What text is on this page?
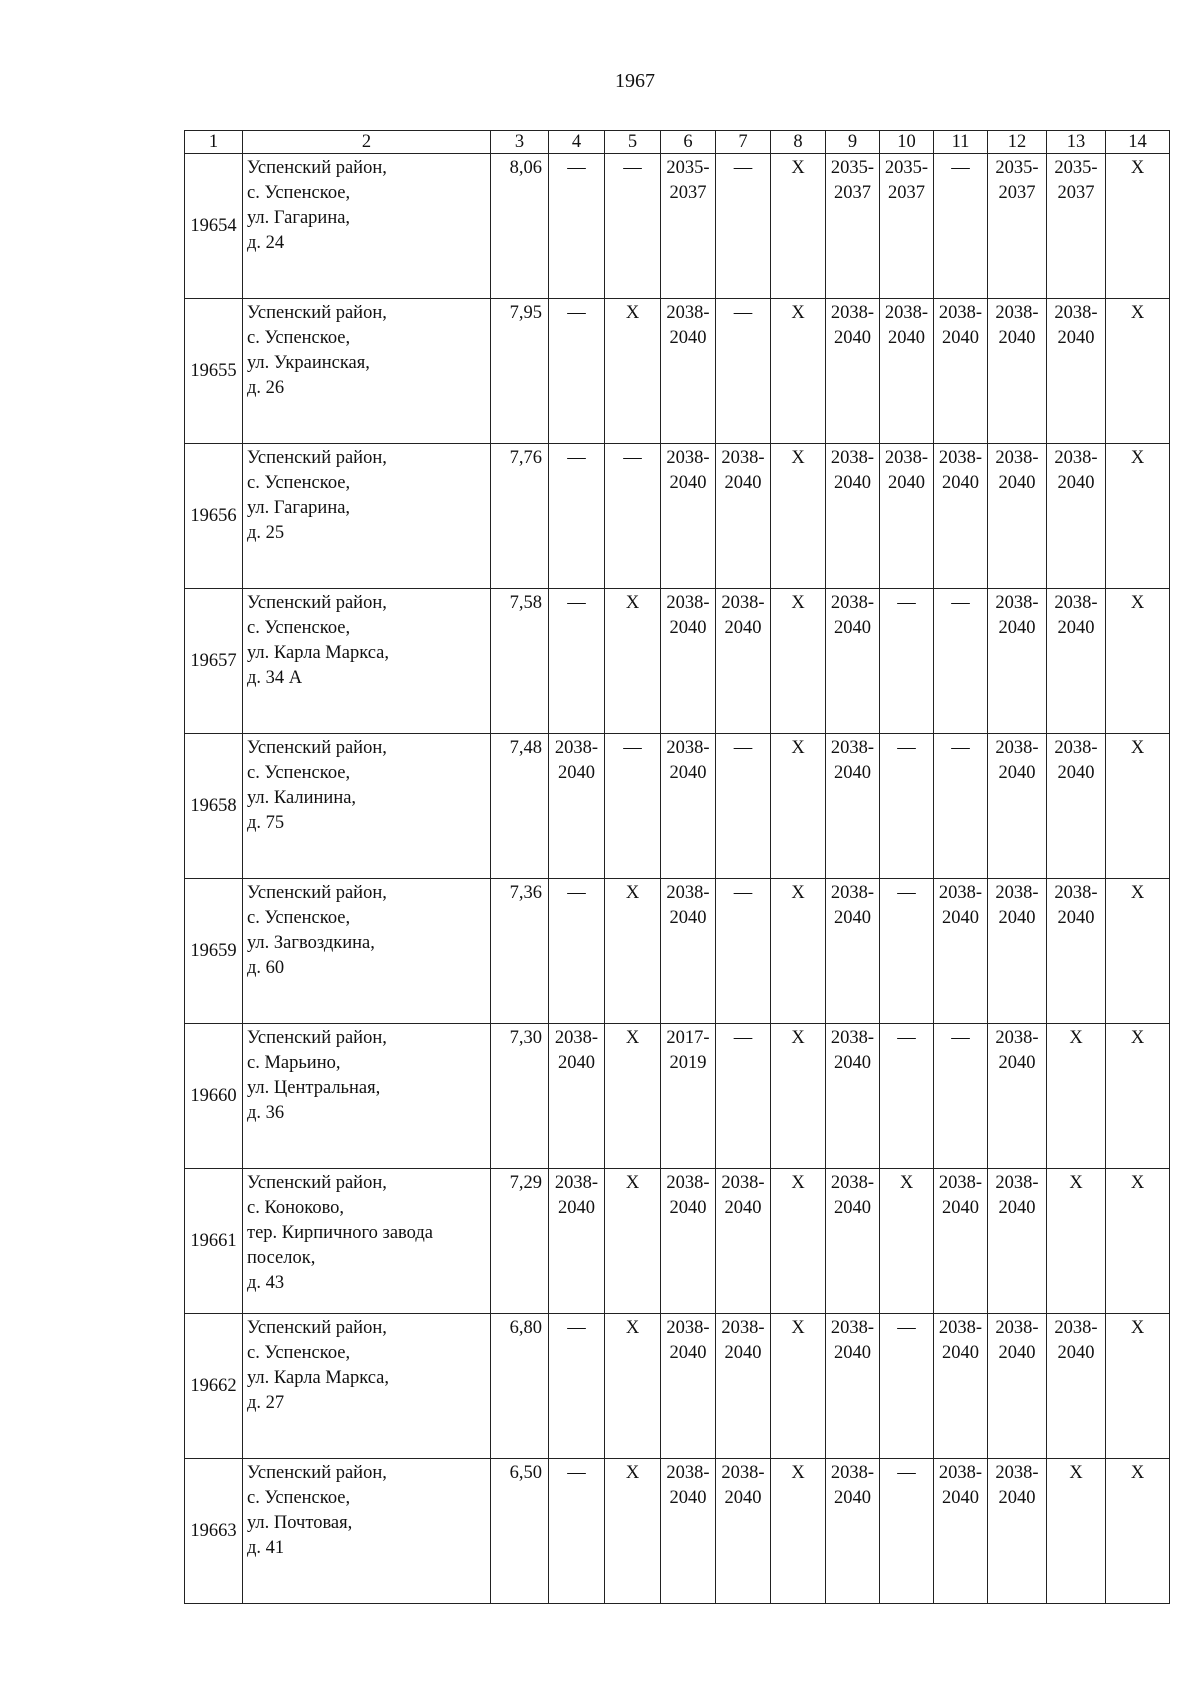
1967
1	2	3	4	5	6	7	8	9	10	11	12	13	14
19654	Успенский район,
с. Успенское,
ул. Гагарина,
д. 24	8,06	—	—	2035-2037	—	X	2035-2037	2035-2037	—	2035-2037	2035-2037	X
19655	Успенский район,
с. Успенское,
ул. Украинская,
д. 26	7,95	—	X	2038-2040	—	X	2038-2040	2038-2040	2038-2040	2038-2040	2038-2040	X
19656	Успенский район,
с. Успенское,
ул. Гагарина,
д. 25	7,76	—	—	2038-2040	2038-2040	X	2038-2040	2038-2040	2038-2040	2038-2040	2038-2040	X
19657	Успенский район,
с. Успенское,
ул. Карла Маркса,
д. 34 А	7,58	—	X	2038-2040	2038-2040	X	2038-2040	—	—	2038-2040	2038-2040	X
19658	Успенский район,
с. Успенское,
ул. Калинина,
д. 75	7,48	2038-2040	—	2038-2040	—	X	2038-2040	—	—	2038-2040	2038-2040	X
19659	Успенский район,
с. Успенское,
ул. Загвоздкина,
д. 60	7,36	—	X	2038-2040	—	X	2038-2040	—	2038-2040	2038-2040	2038-2040	X
19660	Успенский район,
с. Марьино,
ул. Центральная,
д. 36	7,30	2038-2040	X	2017-2019	—	X	2038-2040	—	—	2038-2040	X	X
19661	Успенский район,
с. Коноково,
тер. Кирпичного завода
поселок,
д. 43	7,29	2038-2040	X	2038-2040	2038-2040	X	2038-2040	X	2038-2040	2038-2040	X	X
19662	Успенский район,
с. Успенское,
ул. Карла Маркса,
д. 27	6,80	—	X	2038-2040	2038-2040	X	2038-2040	—	2038-2040	2038-2040	2038-2040	X
19663	Успенский район,
с. Успенское,
ул. Почтовая,
д. 41	6,50	—	X	2038-2040	2038-2040	X	2038-2040	—	2038-2040	2038-2040	X	X
